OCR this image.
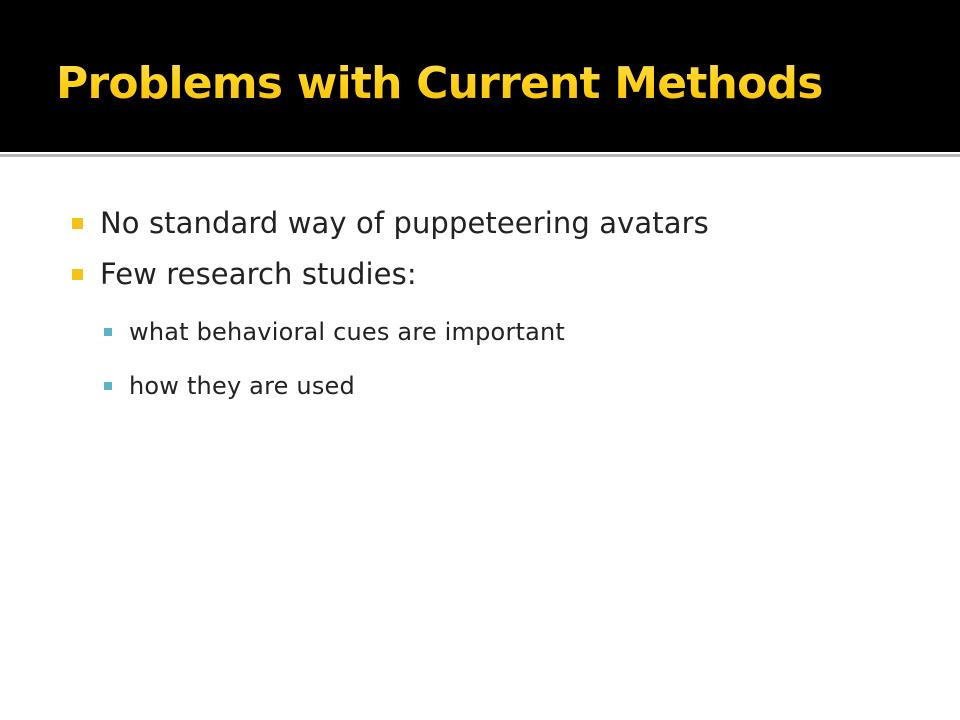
Problems with Current Methods
No standard way of puppeteering avatars
Few research studies:
what behavioral cues are important
how they are used
